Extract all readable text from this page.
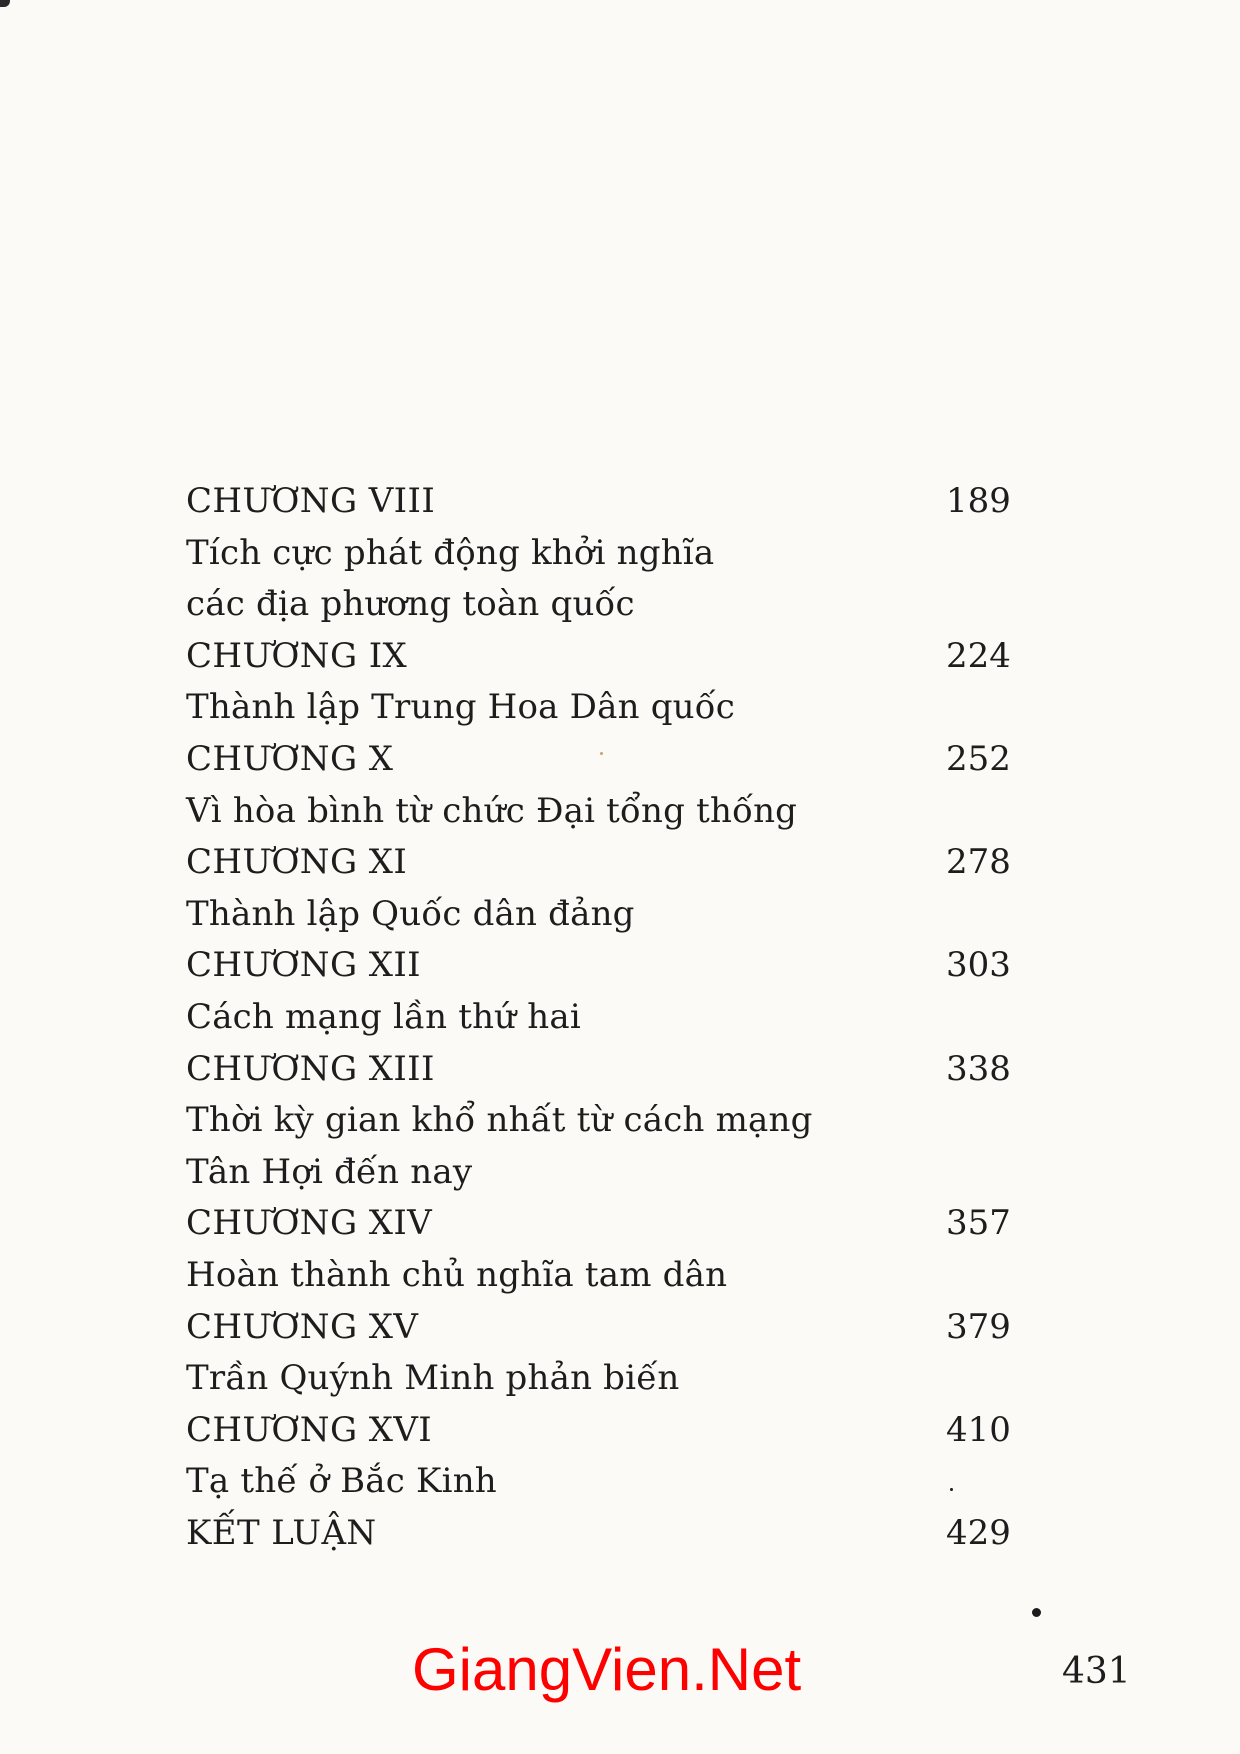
CHƯƠNG VIII	189
Tích cực phát động khởi nghĩa
các địa phương toàn quốc
CHƯƠNG IX	224
Thành lập Trung Hoa Dân quốc
CHƯƠNG X	252
Vì hòa bình từ chức Đại tổng thống
CHƯƠNG XI	278
Thành lập Quốc dân đảng
CHƯƠNG XII	303
Cách mạng lần thứ hai
CHƯƠNG XIII	338
Thời kỳ gian khổ nhất từ cách mạng
Tân Hợi đến nay
CHƯƠNG XIV	357
Hoàn thành chủ nghĩa tam dân
CHƯƠNG XV	379
Trần Quýnh Minh phản biến
CHƯƠNG XVI	410
Tạ thế ở Bắc Kinh
KẾT LUẬN	429
GiangVien.Net	431
